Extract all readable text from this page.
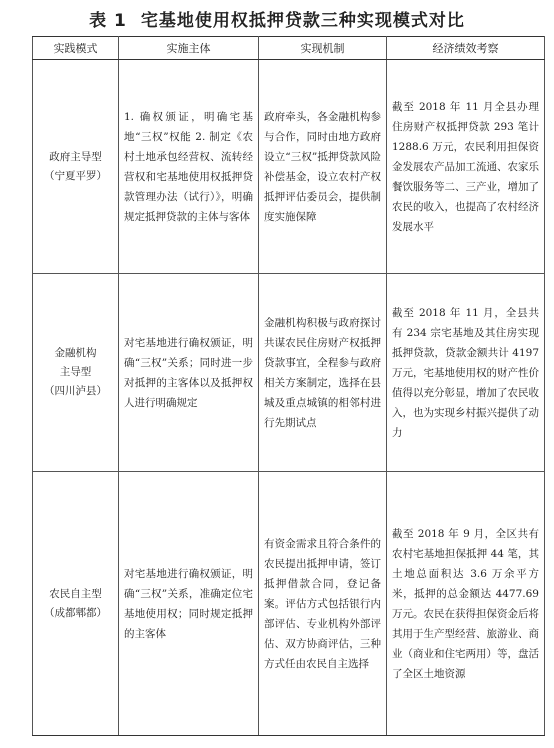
表 1 宅基地使用权抵押贷款三种实现模式对比
实践模式	实施主体	实现机制	经济绩效考察

政府主导型
（宁夏平罗）	1. 确权颁证，明确宅基地“三权”权能 2. 制定《农村土地承包经营权、流转经营权和宅基地使用权抵押贷款管理办法（试行）》，明确规定抵押贷款的主体与客体	政府牵头，各金融机构参与合作，同时由地方政府设立“三权”抵押贷款风险补偿基金，设立农村产权抵押评估委员会，提供制度实施保障	截至 2018 年 11 月全县办理住房财产权抵押贷款 293 笔计 1288.6 万元，农民利用担保资金发展农产品加工流通、农家乐餐饮服务等二、三产业，增加了农民的收入，也提高了农村经济发展水平

金融机构
主导型
（四川泸县）	对宅基地进行确权颁证，明确“三权”关系；同时进一步对抵押的主客体以及抵押权人进行明确规定	金融机构积极与政府探讨共谋农民住房财产权抵押贷款事宜，全程参与政府相关方案制定，选择在县城及重点城镇的相邻村进行先期试点	截至 2018 年 11 月，全县共有 234 宗宅基地及其住房实现抵押贷款，贷款金额共计 4197 万元，宅基地使用权的财产性价值得以充分彰显，增加了农民收入，也为实现乡村振兴提供了动力

农民自主型
（成都郫都）	对宅基地进行确权颁证，明确“三权”关系，准确定位宅基地使用权；同时规定抵押的主客体	有资金需求且符合条件的农民提出抵押申请，签订抵押借款合同，登记备案。评估方式包括银行内部评估、专业机构外部评估、双方协商评估，三种方式任由农民自主选择	截至 2018 年 9 月，全区共有农村宅基地担保抵押 44 笔，其土地总面积达 3.6 万余平方米，抵押的总金额达 4477.69 万元。农民在获得担保资金后将其用于生产型经营、旅游业、商业（商业和住宅两用）等，盘活了全区土地资源
